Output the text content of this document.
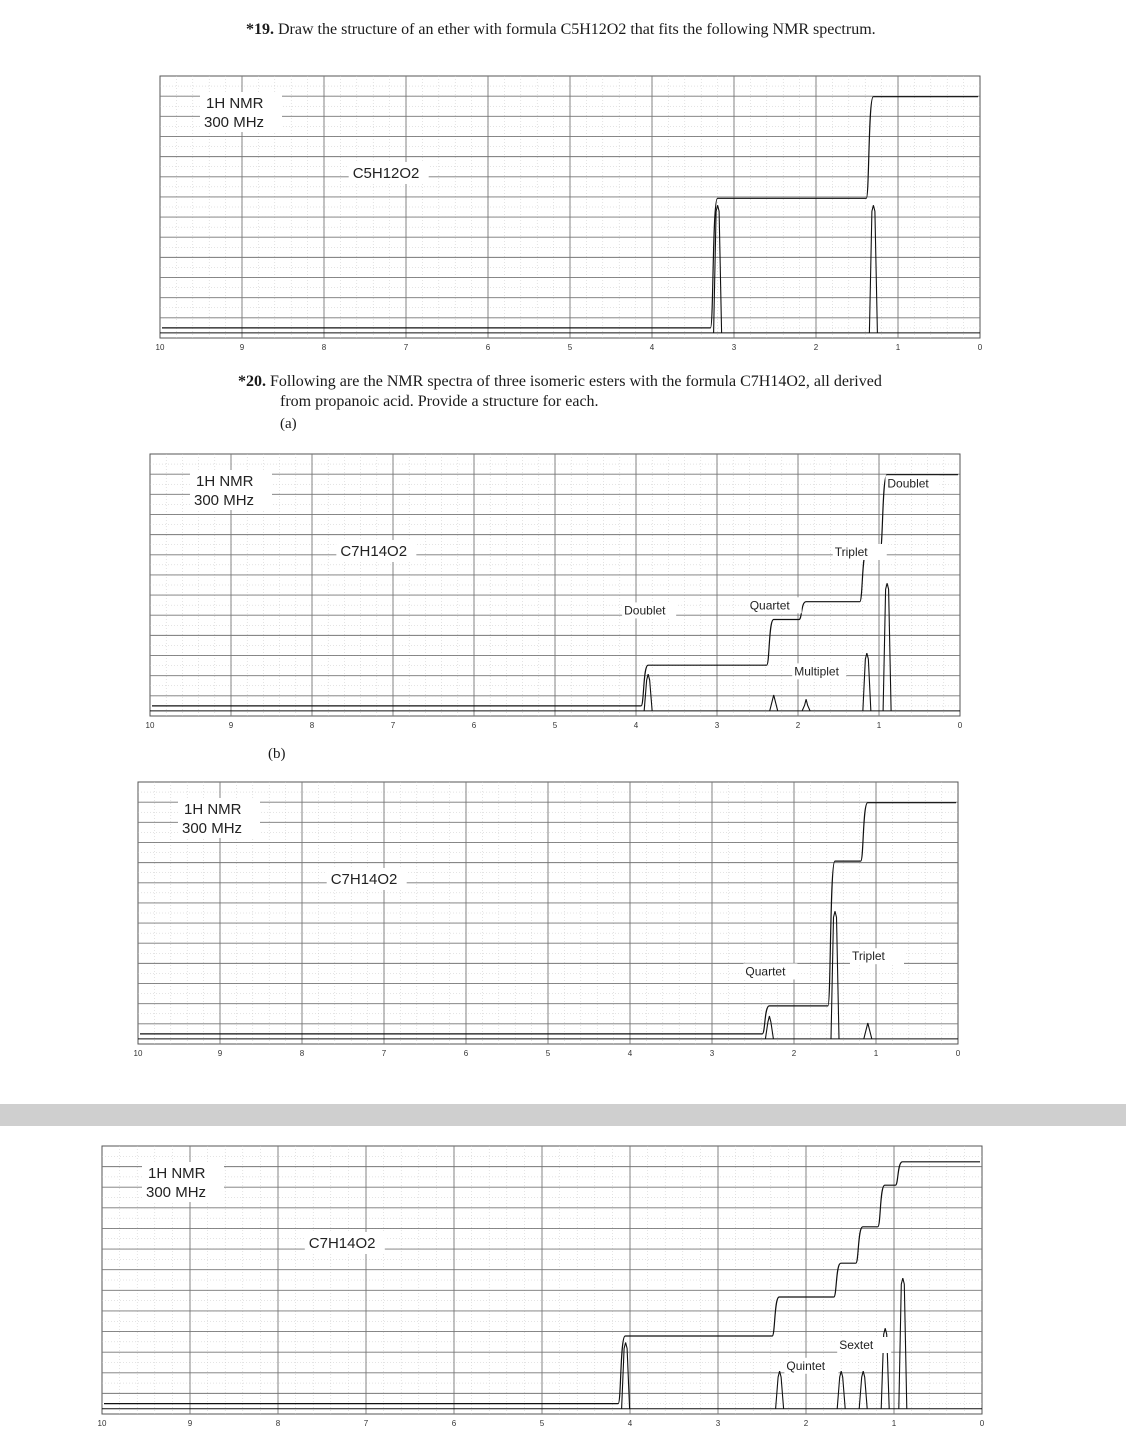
*19. Draw the structure of an ether with formula C5H12O2 that fits the following NMR spectrum.
10	9	8	7	6	5	4	3	2	1	0
1H NMR
300 MHz
C5H12O2
*20. Following are the NMR spectra of three isomeric esters with the formula C7H14O2, all derived
from propanoic acid. Provide a structure for each.
(a)
10	9	8	7	6	5	4	3	2	1	0
1H NMR
300 MHz
C7H14O2
Doublet	Quartet
Multiplet
Triplet
Doublet
(b)
10	9	8	7	6	5	4	3	2	1	0
1H NMR
300 MHz
C7H14O2
Quartet
Triplet
10	9	8	7	6	5	4	3	2	1	0
1H NMR
300 MHz
C7H14O2
Sextet
Quintet
